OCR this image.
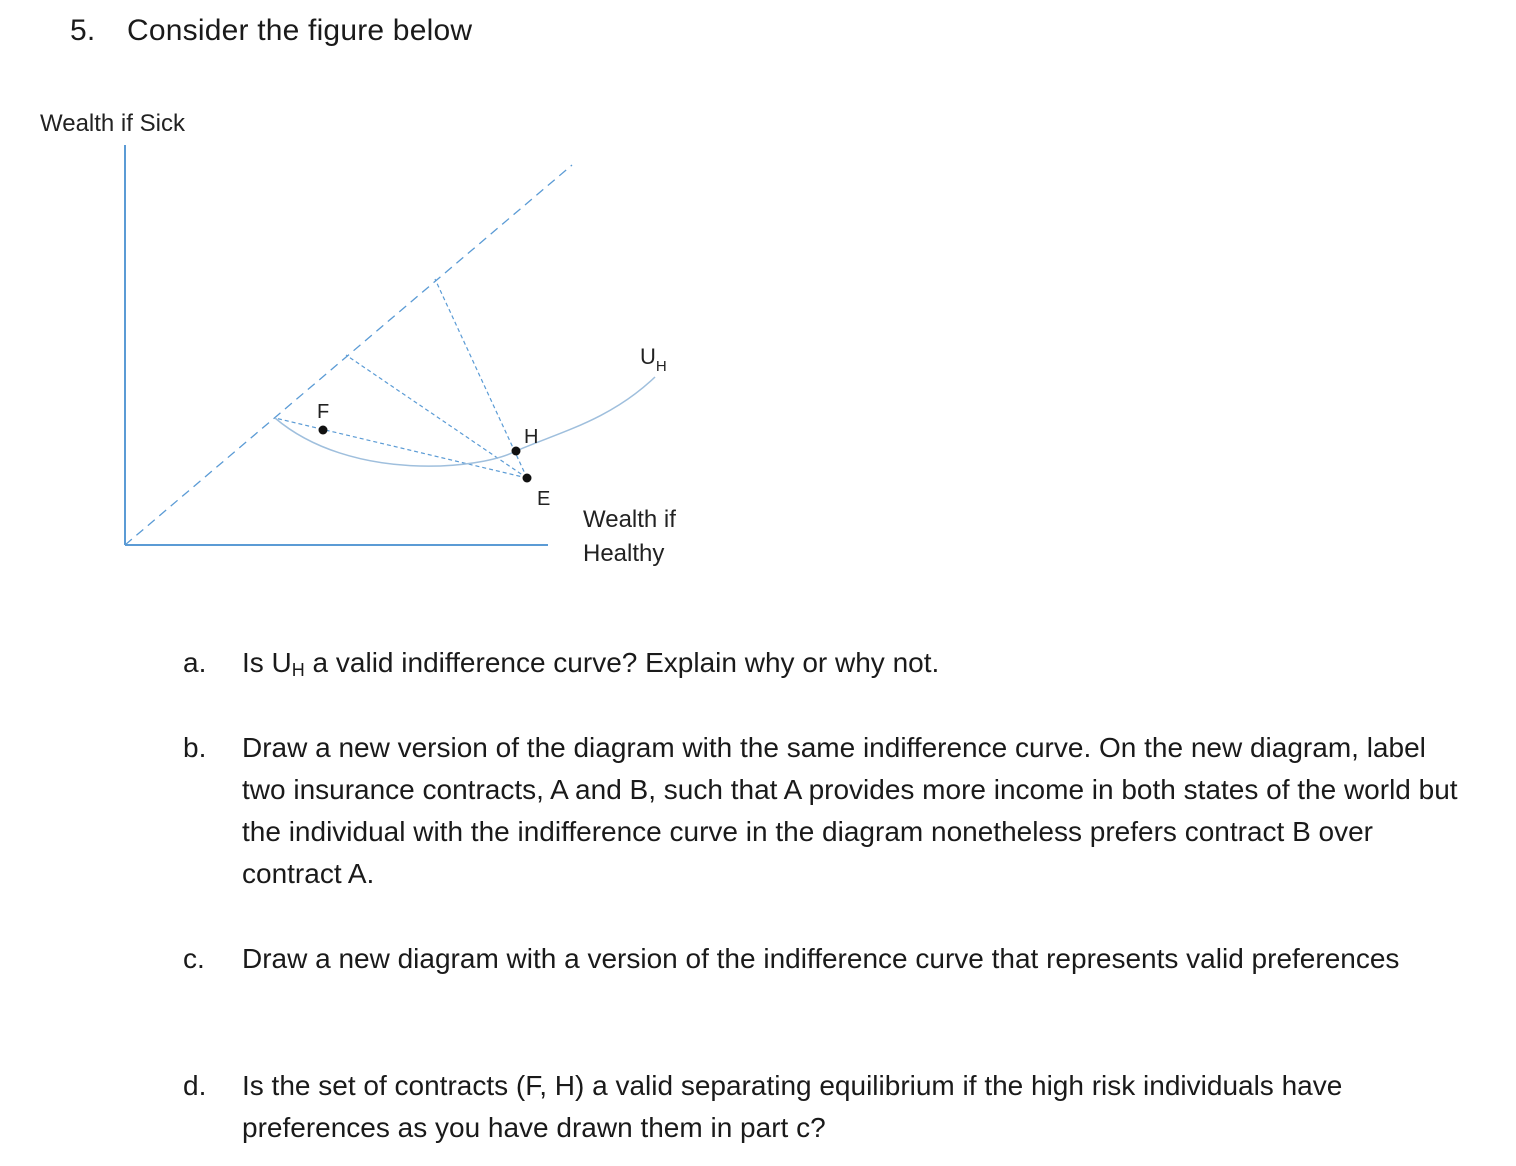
5. Consider the figure below
Wealth if Sick
Wealth if
Healthy
F
H
E
$U_H$
a.	Is $U_H$ a valid indifference curve? Explain why or why not.
b.	Draw a new version of the diagram with the same indifference curve. On the new diagram, label two insurance contracts, A and B, such that A provides more income in both states of the world but the individual with the indifference curve in the diagram nonetheless prefers contract B over contract A.
c.	Draw a new diagram with a version of the indifference curve that represents valid preferences
d.	Is the set of contracts (F, H) a valid separating equilibrium if the high risk individuals have preferences as you have drawn them in part c?
